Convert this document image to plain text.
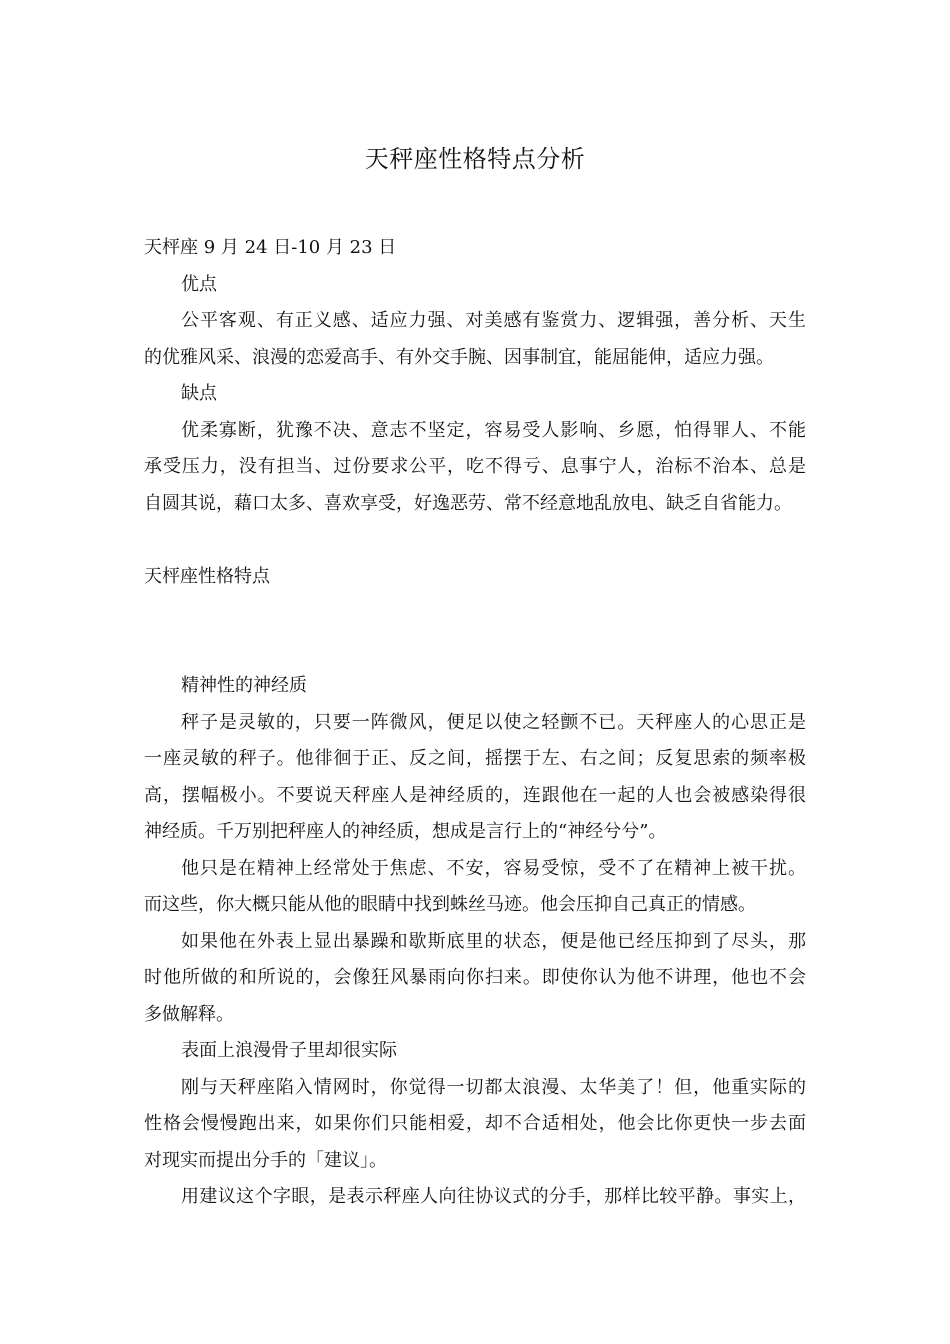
天秤座性格特点分析
天枰座 9 月 24 日-10 月 23 日
优点
公平客观、有正义感、适应力强、对美感有鉴赏力、逻辑强，善分析、天生
的优雅风采、浪漫的恋爱高手、有外交手腕、因事制宜，能屈能伸，适应力强。
缺点
优柔寡断，犹豫不决、意志不坚定，容易受人影响、乡愿，怕得罪人、不能
承受压力，没有担当、过份要求公平，吃不得亏、息事宁人，治标不治本、总是
自圆其说，藉口太多、喜欢享受，好逸恶劳、常不经意地乱放电、缺乏自省能力。
天枰座性格特点
精神性的神经质
秤子是灵敏的，只要一阵微风，便足以使之轻颤不已。天秤座人的心思正是
一座灵敏的秤子。他徘徊于正、反之间，摇摆于左、右之间；反复思索的频率极
高，摆幅极小。不要说天秤座人是神经质的，连跟他在一起的人也会被感染得很
神经质。千万别把秤座人的神经质，想成是言行上的“神经兮兮”。
他只是在精神上经常处于焦虑、不安，容易受惊，受不了在精神上被干扰。
而这些，你大概只能从他的眼睛中找到蛛丝马迹。他会压抑自己真正的情感。
如果他在外表上显出暴躁和歇斯底里的状态，便是他已经压抑到了尽头，那
时他所做的和所说的，会像狂风暴雨向你扫来。即使你认为他不讲理，他也不会
多做解释。
表面上浪漫骨子里却很实际
刚与天秤座陷入情网时，你觉得一切都太浪漫、太华美了！但，他重实际的
性格会慢慢跑出来，如果你们只能相爱，却不合适相处，他会比你更快一步去面
对现实而提出分手的「建议」。
用建议这个字眼，是表示秤座人向往协议式的分手，那样比较平静。事实上，
